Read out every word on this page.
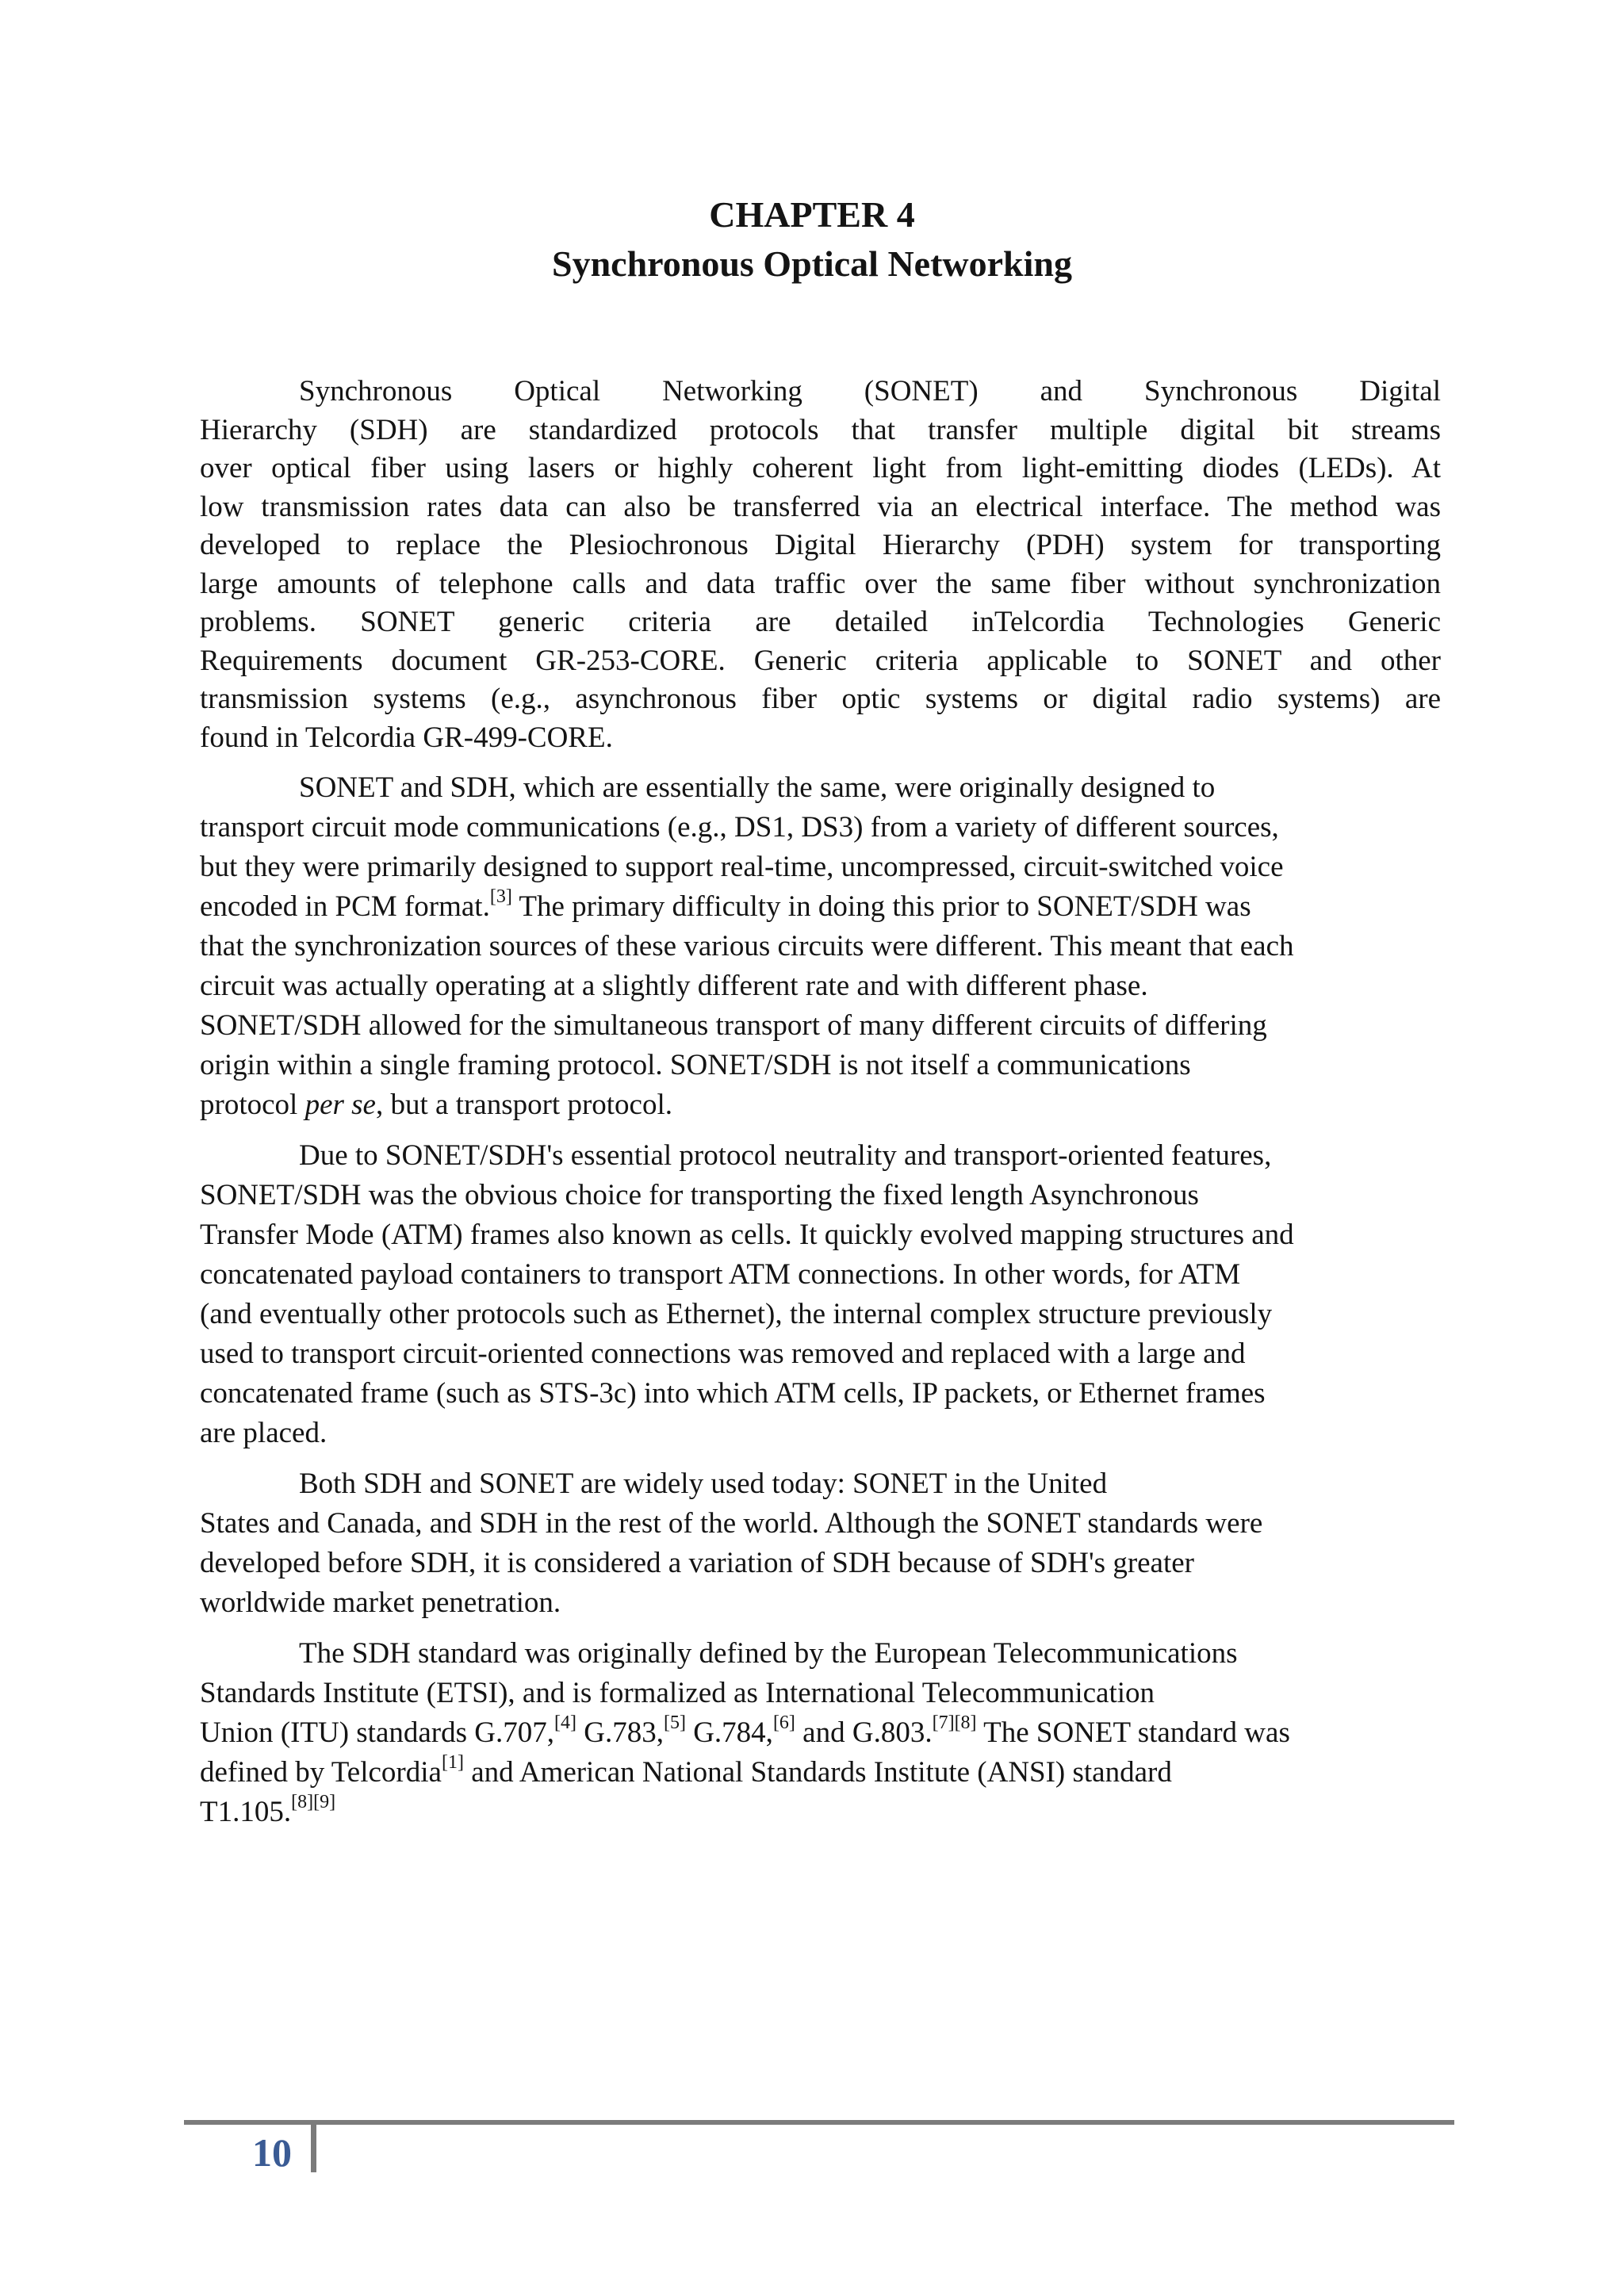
CHAPTER 4
Synchronous Optical Networking

Synchronous Optical Networking (SONET) and Synchronous Digital
Hierarchy (SDH) are standardized protocols that transfer multiple digital bit streams
over optical fiber using lasers or highly coherent light from light-emitting diodes (LEDs). At
low transmission rates data can also be transferred via an electrical interface. The method was
developed to replace the Plesiochronous Digital Hierarchy (PDH) system for transporting
large amounts of telephone calls and data traffic over the same fiber without synchronization
problems. SONET generic criteria are detailed inTelcordia Technologies Generic
Requirements document GR-253-CORE. Generic criteria applicable to SONET and other
transmission systems (e.g., asynchronous fiber optic systems or digital radio systems) are
found in Telcordia GR-499-CORE.

SONET and SDH, which are essentially the same, were originally designed to
transport circuit mode communications (e.g., DS1, DS3) from a variety of different sources,
but they were primarily designed to support real-time, uncompressed, circuit-switched voice
encoded in PCM format.[3] The primary difficulty in doing this prior to SONET/SDH was
that the synchronization sources of these various circuits were different. This meant that each
circuit was actually operating at a slightly different rate and with different phase.
SONET/SDH allowed for the simultaneous transport of many different circuits of differing
origin within a single framing protocol. SONET/SDH is not itself a communications
protocol per se, but a transport protocol.

Due to SONET/SDH's essential protocol neutrality and transport-oriented features,
SONET/SDH was the obvious choice for transporting the fixed length Asynchronous
Transfer Mode (ATM) frames also known as cells. It quickly evolved mapping structures and
concatenated payload containers to transport ATM connections. In other words, for ATM
(and eventually other protocols such as Ethernet), the internal complex structure previously
used to transport circuit-oriented connections was removed and replaced with a large and
concatenated frame (such as STS-3c) into which ATM cells, IP packets, or Ethernet frames
are placed.

Both SDH and SONET are widely used today: SONET in the United
States and Canada, and SDH in the rest of the world. Although the SONET standards were
developed before SDH, it is considered a variation of SDH because of SDH's greater
worldwide market penetration.

The SDH standard was originally defined by the European Telecommunications
Standards Institute (ETSI), and is formalized as International Telecommunication
Union (ITU) standards G.707,[4] G.783,[5] G.784,[6] and G.803.[7][8] The SONET standard was
defined by Telcordia[1] and American National Standards Institute (ANSI) standard
T1.105.[8][9]

10
